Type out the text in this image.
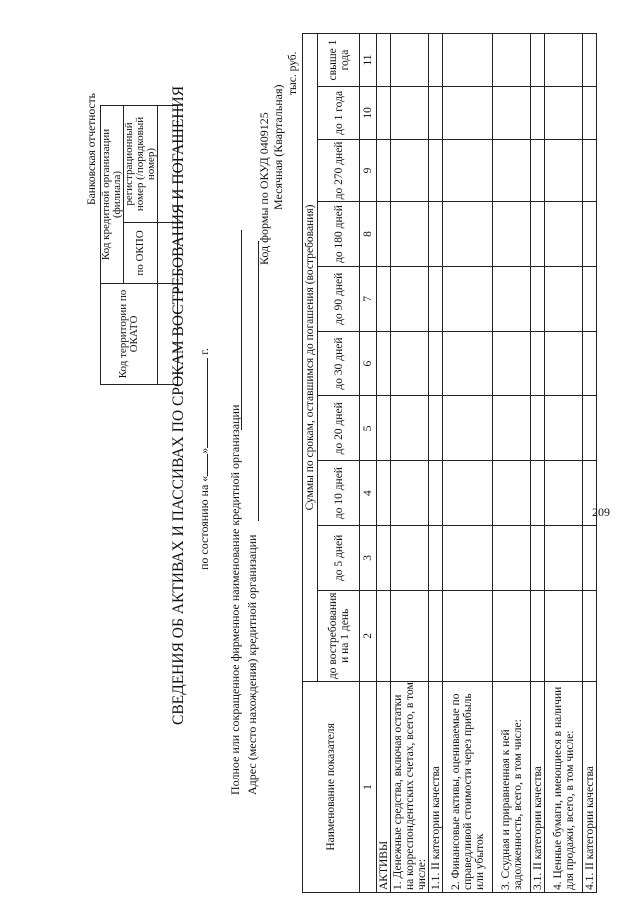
Банковская отчетность
Код территории по ОКАТО	Код кредитной организации (филиала)	
	по ОКПО	регистрационный номер (/порядковый номер)
		СВЕДЕНИЯ ОБ АКТИВАХ И ПАССИВАХ ПО СРОКАМ ВОСТРЕБОВАНИЯ И ПОГАШЕНИЯ по состоянию на «» г.
Полное или сокращенное фирменное наименование кредитной организации Адрес (место нахождения) кредитной организации
Код формы по ОКУД 0409125 Месячная (Квартальная)
тыс. руб.
Наименование показателя	Суммы по срокам, оставшимся до погашения (востребования)									
	до востребования и на 1 день	до 5 дней	до 10 дней	до 20 дней	до 30 дней	до 90 дней	до 180 дней	до 270 дней	до 1 года	свыше 1 года
1	2	3	4	5	6	7	8	9	10	11
АКТИВЫ										
1. Денежные средства, включая остатки на корреспондентских счетах, всего, в том числе:										
1.1. II категории качества										
2. Финансовые активы, оцениваемые по справедливой стоимости через прибыль или убыток										
3. Ссудная и приравненная к ней задолженность, всего, в том числе:										
3.1. II категории качества										
4. Ценные бумаги, имеющиеся в наличии для продажи, всего, в том числе:										
4.1. II категории качества										
209
